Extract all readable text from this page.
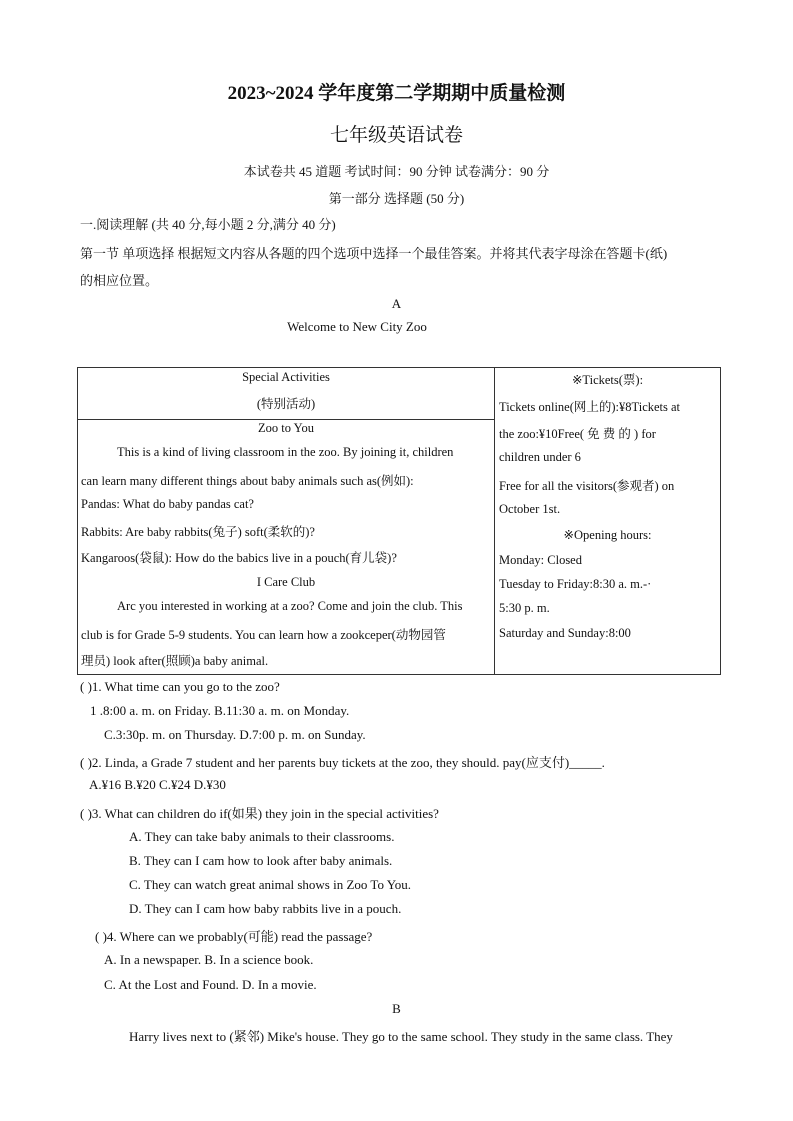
2023~2024 学年度第二学期期中质量检测
七年级英语试卷
本试卷共 45 道题 考试时间：90 分钟 试卷满分：90 分
第一部分 选择题 (50 分)
一.阅读理解 (共 40 分,每小题 2 分,满分 40 分)
第一节 单项选择 根据短文内容从各题的四个选项中选择一个最佳答案。并将其代表字母涂在答题卡(纸)
的相应位置。
A
Welcome to New City Zoo
Special Activities
(特别活动)
Zoo to You
This is a kind of living classroom in the zoo. By joining it, children
can learn many different things about baby animals such as(例如):
Pandas: What do baby pandas cat?
Rabbits: Are baby rabbits(兔子) soft(柔软的)?
Kangaroos(袋鼠): How do the babics live in a pouch(育儿袋)?
I Care Club
Arc you interested in working at a zoo? Come and join the club. This
club is for Grade 5-9 students. You can learn how a zookceper(动物园管
理员) look after(照顾)a baby animal.
※Tickets(票):
Tickets online(网上的):¥8Tickets at
the zoo:¥10Free( 免 费 的 ) for
children under 6
Free for all the visitors(参观者) on
October 1st.
※Opening hours:
Monday: Closed
Tuesday to Friday:8:30 a. m.-·
5:30 p. m.
Saturday and Sunday:8:00
( )1. What time can you go to the zoo?
1 .8:00 a. m. on Friday. B.11:30 a. m. on Monday.
C.3:30p. m. on Thursday. D.7:00 p. m. on Sunday.
( )2. Linda, a Grade 7 student and her parents buy tickets at the zoo, they should. pay(应支付)_____.
A.¥16 B.¥20 C.¥24 D.¥30
( )3. What can children do if(如果) they join in the special activities?
A. They can take baby animals to their classrooms.
B. They can I cam how to look after baby animals.
C. They can watch great animal shows in Zoo To You.
D. They can I cam how baby rabbits live in a pouch.
( )4. Where can we probably(可能) read the passage?
A. In a newspaper. B. In a science book.
C. At the Lost and Found. D. In a movie.
B
Harry lives next to (紧邻) Mike's house. They go to the same school. They study in the same class. They
